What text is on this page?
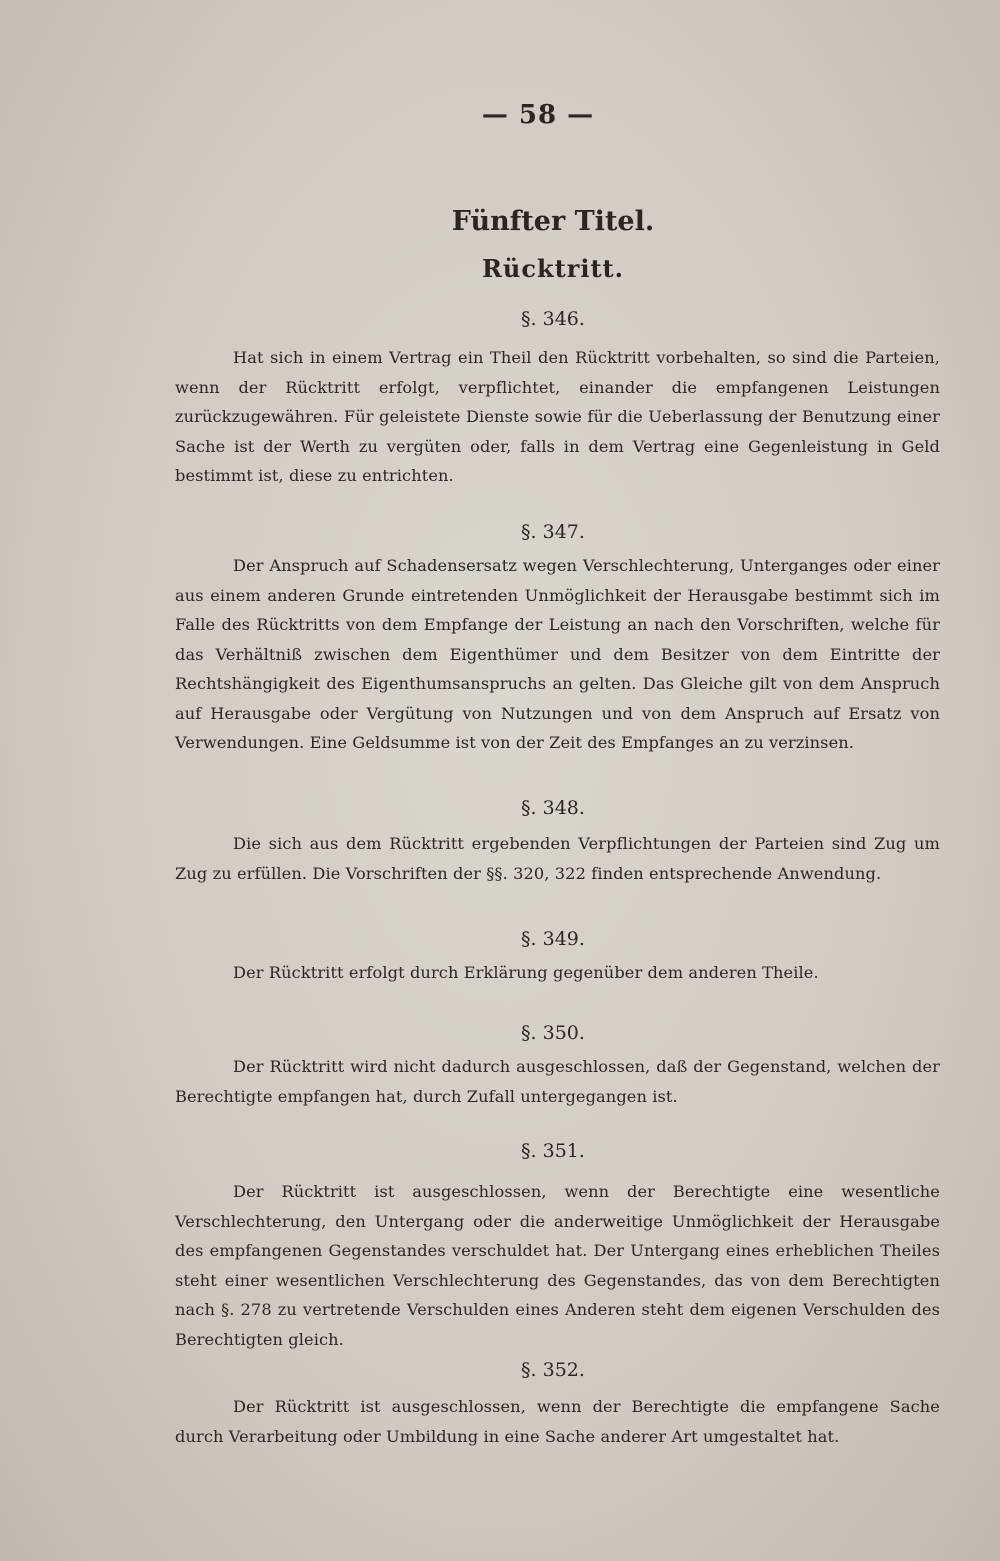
— 58 —
Fünfter Titel.
Rücktritt.
§. 346.
Hat sich in einem Vertrag ein Theil den Rücktritt vorbehalten, so sind die Parteien, wenn der Rücktritt erfolgt, verpflichtet, einander die empfangenen Leistungen zurückzugewähren. Für geleistete Dienste sowie für die Ueberlassung der Benutzung einer Sache ist der Werth zu vergüten oder, falls in dem Vertrag eine Gegenleistung in Geld bestimmt ist, diese zu entrichten.
§. 347.
Der Anspruch auf Schadensersatz wegen Verschlechterung, Unterganges oder einer aus einem anderen Grunde eintretenden Unmöglichkeit der Herausgabe bestimmt sich im Falle des Rücktritts von dem Empfange der Leistung an nach den Vorschriften, welche für das Verhältniß zwischen dem Eigenthümer und dem Besitzer von dem Eintritte der Rechtshängigkeit des Eigenthumsanspruchs an gelten. Das Gleiche gilt von dem Anspruch auf Herausgabe oder Vergütung von Nutzungen und von dem Anspruch auf Ersatz von Verwendungen. Eine Geldsumme ist von der Zeit des Empfanges an zu verzinsen.
§. 348.
Die sich aus dem Rücktritt ergebenden Verpflichtungen der Parteien sind Zug um Zug zu erfüllen. Die Vorschriften der §§. 320, 322 finden entsprechende Anwendung.
§. 349.
Der Rücktritt erfolgt durch Erklärung gegenüber dem anderen Theile.
§. 350.
Der Rücktritt wird nicht dadurch ausgeschlossen, daß der Gegenstand, welchen der Berechtigte empfangen hat, durch Zufall untergegangen ist.
§. 351.
Der Rücktritt ist ausgeschlossen, wenn der Berechtigte eine wesentliche Verschlechterung, den Untergang oder die anderweitige Unmöglichkeit der Herausgabe des empfangenen Gegenstandes verschuldet hat. Der Untergang eines erheblichen Theiles steht einer wesentlichen Verschlechterung des Gegenstandes, das von dem Berechtigten nach §. 278 zu vertretende Verschulden eines Anderen steht dem eigenen Verschulden des Berechtigten gleich.
§. 352.
Der Rücktritt ist ausgeschlossen, wenn der Berechtigte die empfangene Sache durch Verarbeitung oder Umbildung in eine Sache anderer Art umgestaltet hat.
